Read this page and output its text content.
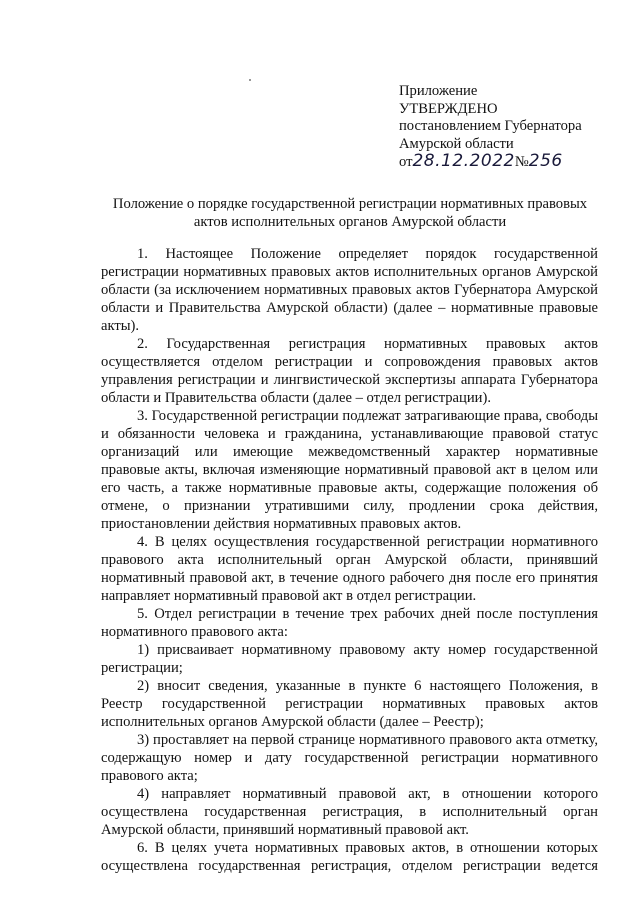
Приложение
УТВЕРЖДЕНО
постановлением Губернатора
Амурской области
от28.12.2022№256
Положение о порядке государственной регистрации нормативных правовых
актов исполнительных органов Амурской области

1. Настоящее Положение определяет порядок государственной регистрации нормативных правовых актов исполнительных органов Амурской области (за исключением нормативных правовых актов Губернатора Амурской области и Правительства Амурской области) (далее – нормативные правовые акты).

2. Государственная регистрация нормативных правовых актов осуществляется отделом регистрации и сопровождения правовых актов управления регистрации и лингвистической экспертизы аппарата Губернатора области и Правительства области (далее – отдел регистрации).

3. Государственной регистрации подлежат затрагивающие права, свободы и обязанности человека и гражданина, устанавливающие правовой статус организаций или имеющие межведомственный характер нормативные правовые акты, включая изменяющие нормативный правовой акт в целом или его часть, а также нормативные правовые акты, содержащие положения об отмене, о признании утратившими силу, продлении срока действия, приостановлении действия нормативных правовых актов.

4. В целях осуществления государственной регистрации нормативного правового акта исполнительный орган Амурской области, принявший нормативный правовой акт, в течение одного рабочего дня после его принятия направляет нормативный правовой акт в отдел регистрации.

5. Отдел регистрации в течение трех рабочих дней после поступления нормативного правового акта:

1) присваивает нормативному правовому акту номер государственной регистрации;

2) вносит сведения, указанные в пункте 6 настоящего Положения, в Реестр государственной регистрации нормативных правовых актов исполнительных органов Амурской области (далее – Реестр);

3) проставляет на первой странице нормативного правового акта отметку, содержащую номер и дату государственной регистрации нормативного правового акта;

4) направляет нормативный правовой акт, в отношении которого осуществлена государственная регистрация, в исполнительный орган Амурской области, принявший нормативный правовой акт.

6. В целях учета нормативных правовых актов, в отношении которых осуществлена государственная регистрация, отделом регистрации ведется
